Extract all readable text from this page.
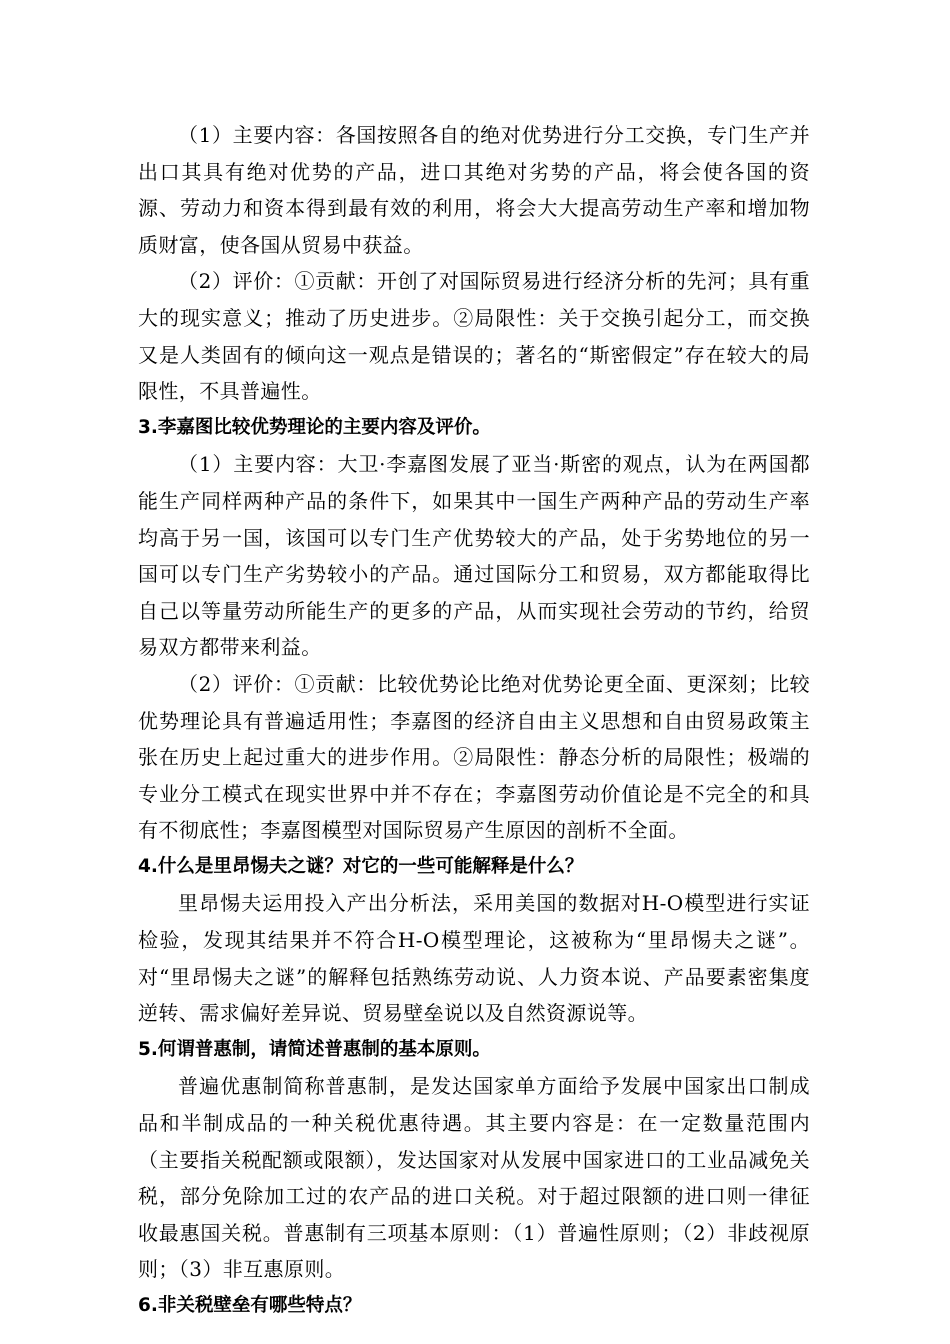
（1）主要内容：各国按照各自的绝对优势进行分工交换，专门生产并出口其具有绝对优势的产品，进口其绝对劣势的产品，将会使各国的资源、劳动力和资本得到最有效的利用，将会大大提高劳动生产率和增加物质财富，使各国从贸易中获益。

（2）评价：①贡献：开创了对国际贸易进行经济分析的先河；具有重大的现实意义；推动了历史进步。②局限性：关于交换引起分工，而交换又是人类固有的倾向这一观点是错误的；著名的“斯密假定”存在较大的局限性，不具普遍性。

3.李嘉图比较优势理论的主要内容及评价。

（1）主要内容：大卫·李嘉图发展了亚当·斯密的观点，认为在两国都能生产同样两种产品的条件下，如果其中一国生产两种产品的劳动生产率均高于另一国，该国可以专门生产优势较大的产品，处于劣势地位的另一国可以专门生产劣势较小的产品。通过国际分工和贸易，双方都能取得比自己以等量劳动所能生产的更多的产品，从而实现社会劳动的节约，给贸易双方都带来利益。

（2）评价：①贡献：比较优势论比绝对优势论更全面、更深刻；比较优势理论具有普遍适用性；李嘉图的经济自由主义思想和自由贸易政策主张在历史上起过重大的进步作用。②局限性：静态分析的局限性；极端的专业分工模式在现实世界中并不存在；李嘉图劳动价值论是不完全的和具有不彻底性；李嘉图模型对国际贸易产生原因的剖析不全面。

4.什么是里昂惕夫之谜？对它的一些可能解释是什么？

里昂惕夫运用投入产出分析法，采用美国的数据对H-O模型进行实证检验，发现其结果并不符合H-O模型理论，这被称为“里昂惕夫之谜”。对“里昂惕夫之谜”的解释包括熟练劳动说、人力资本说、产品要素密集度逆转、需求偏好差异说、贸易壁垒说以及自然资源说等。

5.何谓普惠制，请简述普惠制的基本原则。

普遍优惠制简称普惠制，是发达国家单方面给予发展中国家出口制成品和半制成品的一种关税优惠待遇。其主要内容是：在一定数量范围内（主要指关税配额或限额），发达国家对从发展中国家进口的工业品减免关税，部分免除加工过的农产品的进口关税。对于超过限额的进口则一律征收最惠国关税。普惠制有三项基本原则：（1）普遍性原则；（2）非歧视原则；（3）非互惠原则。

6.非关税壁垒有哪些特点？
